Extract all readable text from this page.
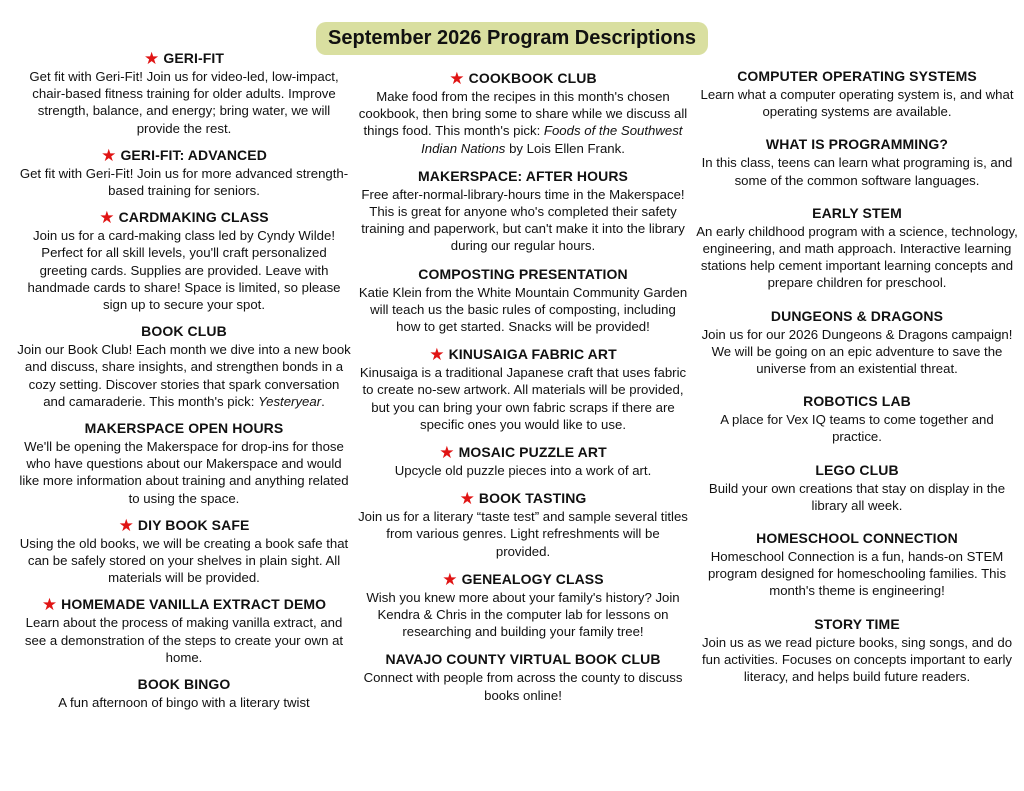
September 2026 Program Descriptions
★ GERI-FIT

Get fit with Geri-Fit! Join us for video-led, low-impact, chair-based fitness training for older adults. Improve strength, balance, and energy; bring water, we will provide the rest.

★ GERI-FIT: ADVANCED

Get fit with Geri-Fit! Join us for more advanced strength-based training for seniors.

★ CARDMAKING CLASS

Join us for a card-making class led by Cyndy Wilde! Perfect for all skill levels, you'll craft personalized greeting cards. Supplies are provided. Leave with handmade cards to share! Space is limited, so please sign up to secure your spot.

BOOK CLUB

Join our Book Club! Each month we dive into a new book and discuss, share insights, and strengthen bonds in a cozy setting. Discover stories that spark conversation and camaraderie. This month's pick: Yesteryear.

MAKERSPACE OPEN HOURS

We'll be opening the Makerspace for drop-ins for those who have questions about our Makerspace and would like more information about training and anything related to using the space.

★ DIY BOOK SAFE

Using the old books, we will be creating a book safe that can be safely stored on your shelves in plain sight. All materials will be provided.

★ HOMEMADE VANILLA EXTRACT DEMO

Learn about the process of making vanilla extract, and see a demonstration of the steps to create your own at home.

BOOK BINGO

A fun afternoon of bingo with a literary twist

★ COOKBOOK CLUB

Make food from the recipes in this month's chosen cookbook, then bring some to share while we discuss all things food. This month's pick: Foods of the Southwest Indian Nations by Lois Ellen Frank.

MAKERSPACE: AFTER HOURS

Free after-normal-library-hours time in the Makerspace! This is great for anyone who's completed their safety training and paperwork, but can't make it into the library during our regular hours.

COMPOSTING PRESENTATION

Katie Klein from the White Mountain Community Garden will teach us the basic rules of composting, including how to get started. Snacks will be provided!

★ KINUSAIGA FABRIC ART

Kinusaiga is a traditional Japanese craft that uses fabric to create no-sew artwork. All materials will be provided, but you can bring your own fabric scraps if there are specific ones you would like to use.

★ MOSAIC PUZZLE ART

Upcycle old puzzle pieces into a work of art.

★ BOOK TASTING

Join us for a literary “taste test” and sample several titles from various genres. Light refreshments will be provided.

★ GENEALOGY CLASS

Wish you knew more about your family's history? Join Kendra & Chris in the computer lab for lessons on researching and building your family tree!

NAVAJO COUNTY VIRTUAL BOOK CLUB

Connect with people from across the county to discuss books online!

COMPUTER OPERATING SYSTEMS

Learn what a computer operating system is, and what operating systems are available.

WHAT IS PROGRAMMING?

In this class, teens can learn what programing is, and some of the common software languages.

EARLY STEM

An early childhood program with a science, technology, engineering, and math approach. Interactive learning stations help cement important learning concepts and prepare children for preschool.

DUNGEONS & DRAGONS

Join us for our 2026 Dungeons & Dragons campaign! We will be going on an epic adventure to save the universe from an existential threat.

ROBOTICS LAB

A place for Vex IQ teams to come together and practice.

LEGO CLUB

Build your own creations that stay on display in the library all week.

HOMESCHOOL CONNECTION

Homeschool Connection is a fun, hands-on STEM program designed for homeschooling families. This month's theme is engineering!

STORY TIME

Join us as we read picture books, sing songs, and do fun activities. Focuses on concepts important to early literacy, and helps build future readers.
